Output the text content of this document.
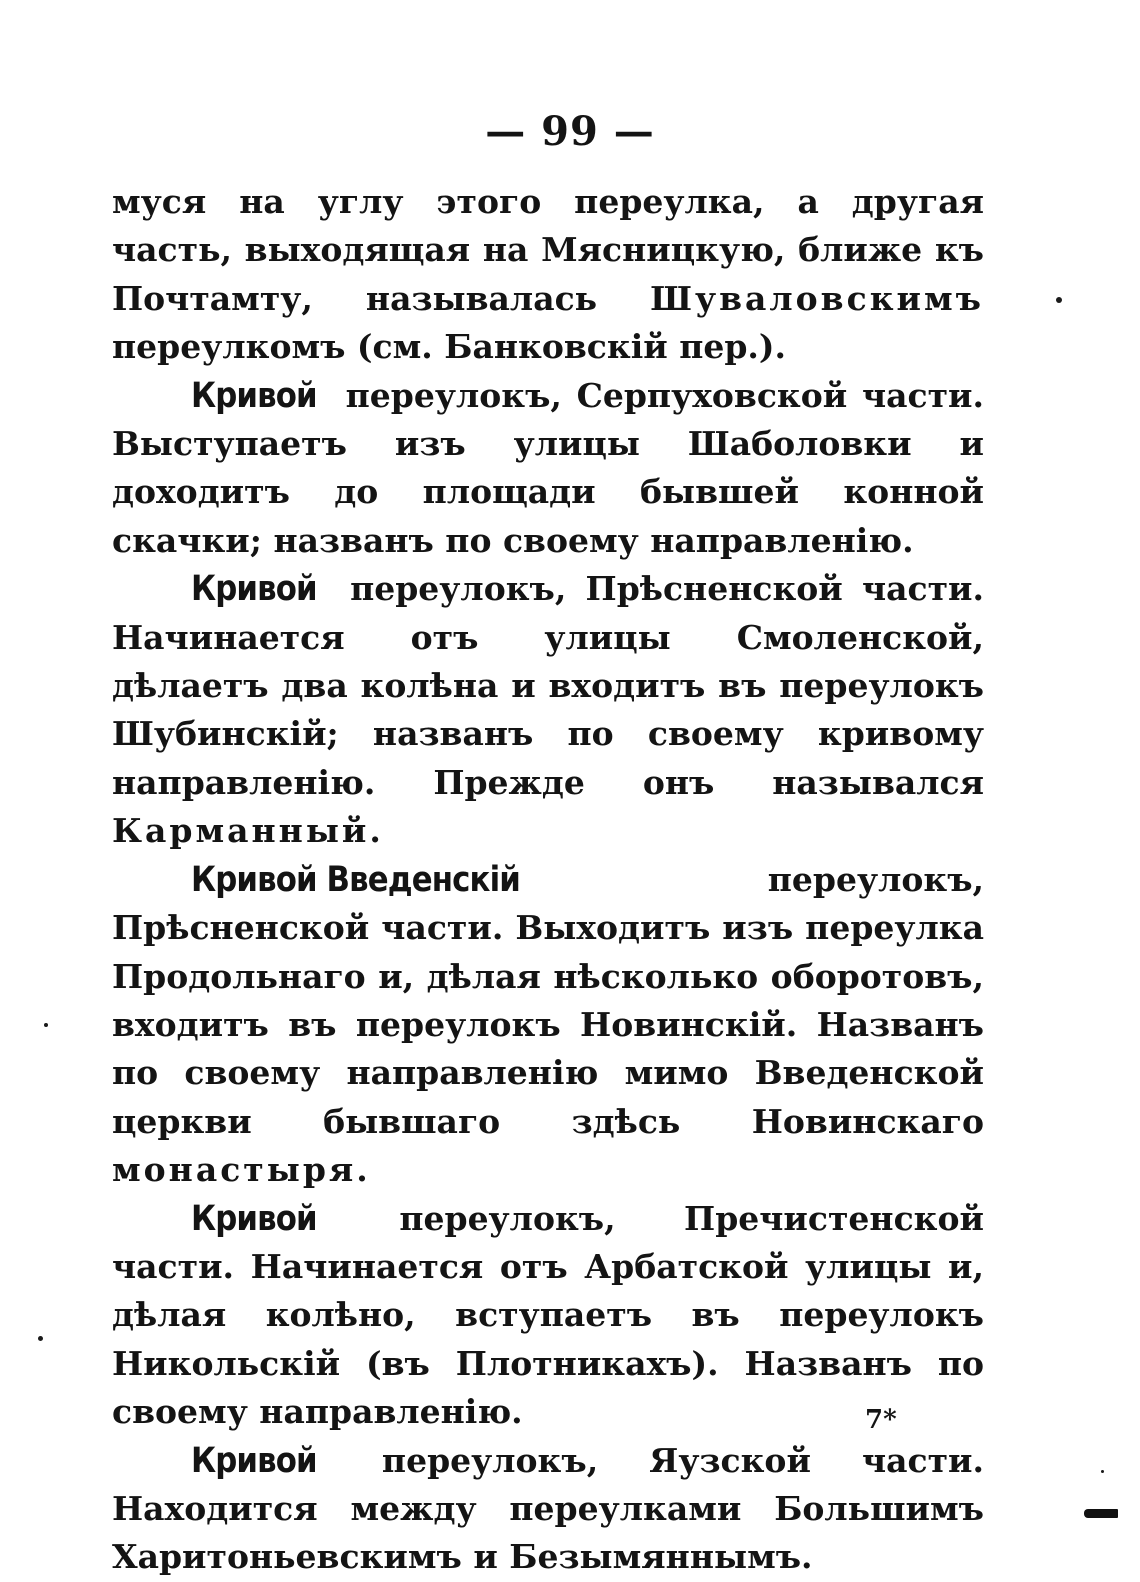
— 99 —

муся на углу этого переулка, а другая часть, выходящая на Мясницкую, ближе къ Почтамту, называлась Шуваловскимъ переулкомъ (см. Банковскій пер.).

Кривой переулокъ, Серпуховской части. Выступаетъ изъ улицы Шаболовки и доходитъ до площади бывшей конной скачки; названъ по своему направленію.

Кривой переулокъ, Прѣсненской части. Начинается отъ улицы Смоленской, дѣлаетъ два колѣна и входитъ въ переулокъ Шубинскій; названъ по своему кривому направленію. Прежде онъ назывался Карманный.

Кривой Введенскій переулокъ, Прѣсненской части. Выходитъ изъ переулка Продольнаго и, дѣлая нѣсколько оборотовъ, входитъ въ переулокъ Новинскій. Названъ по своему направленію мимо Введенской церкви бывшаго здѣсь Новинскаго монастыря.

Кривой переулокъ, Пречистенской части. Начинается отъ Арбатской улицы и, дѣлая колѣно, вступаетъ въ переулокъ Никольскій (въ Плотникахъ). Названъ по своему направленію.

Кривой переулокъ, Яузской части. Находится между переулками Большимъ Харитоньевскимъ и Безымяннымъ.

7*
